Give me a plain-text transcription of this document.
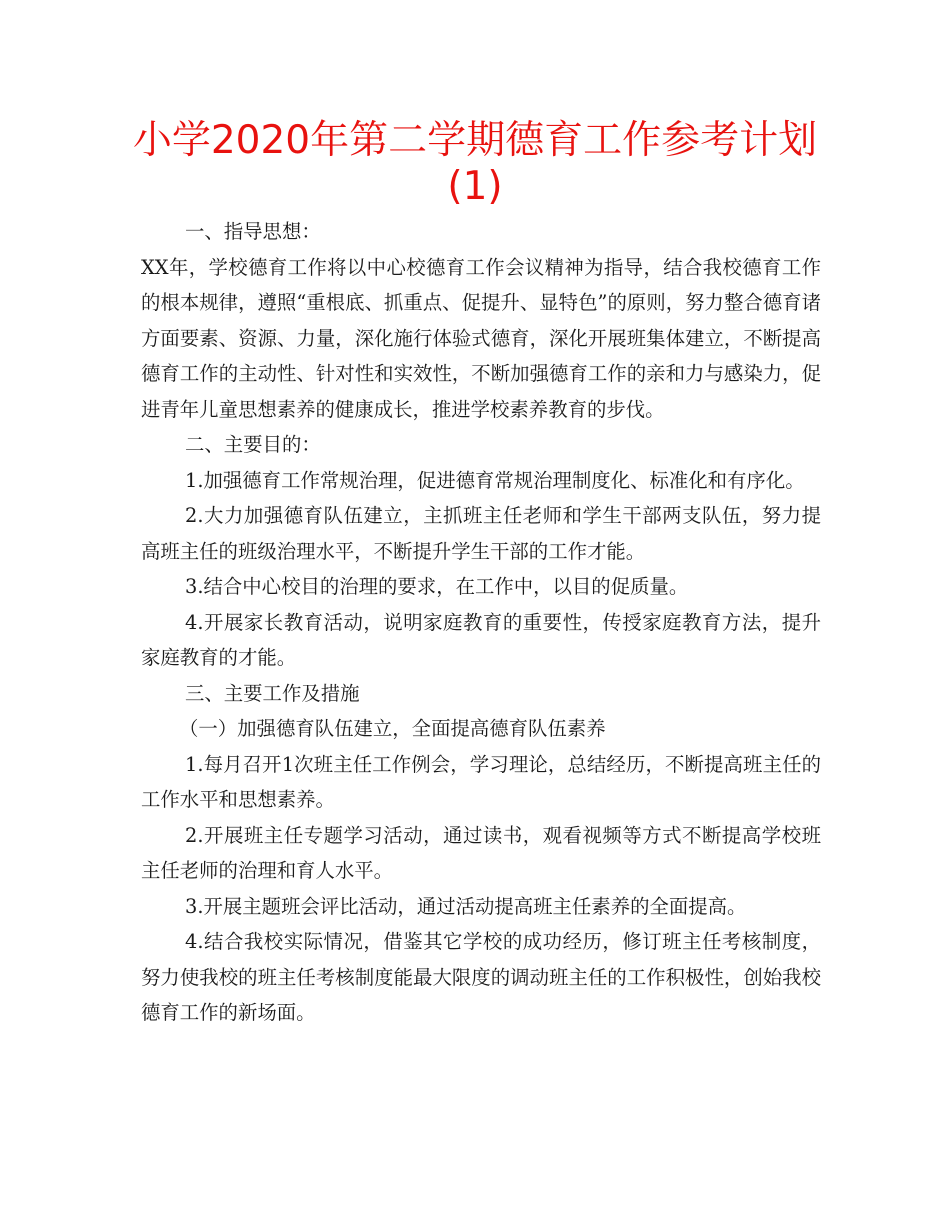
小学2020年第二学期德育工作参考计划
(1)

一、指导思想：

XX年，学校德育工作将以中心校德育工作会议精神为指导，结合我校德育工作的根本规律，遵照“重根底、抓重点、促提升、显特色”的原则，努力整合德育诸方面要素、资源、力量，深化施行体验式德育，深化开展班集体建立，不断提高德育工作的主动性、针对性和实效性，不断加强德育工作的亲和力与感染力，促进青年儿童思想素养的健康成长，推进学校素养教育的步伐。

二、主要目的：

1.加强德育工作常规治理，促进德育常规治理制度化、标准化和有序化。

2.大力加强德育队伍建立，主抓班主任老师和学生干部两支队伍，努力提高班主任的班级治理水平，不断提升学生干部的工作才能。

3.结合中心校目的治理的要求，在工作中，以目的促质量。

4.开展家长教育活动，说明家庭教育的重要性，传授家庭教育方法，提升家庭教育的才能。

三、主要工作及措施

（一）加强德育队伍建立，全面提高德育队伍素养

1.每月召开1次班主任工作例会，学习理论，总结经历，不断提高班主任的工作水平和思想素养。

2.开展班主任专题学习活动，通过读书，观看视频等方式不断提高学校班主任老师的治理和育人水平。

3.开展主题班会评比活动，通过活动提高班主任素养的全面提高。

4.结合我校实际情况，借鉴其它学校的成功经历，修订班主任考核制度，努力使我校的班主任考核制度能最大限度的调动班主任的工作积极性，创始我校德育工作的新场面。
